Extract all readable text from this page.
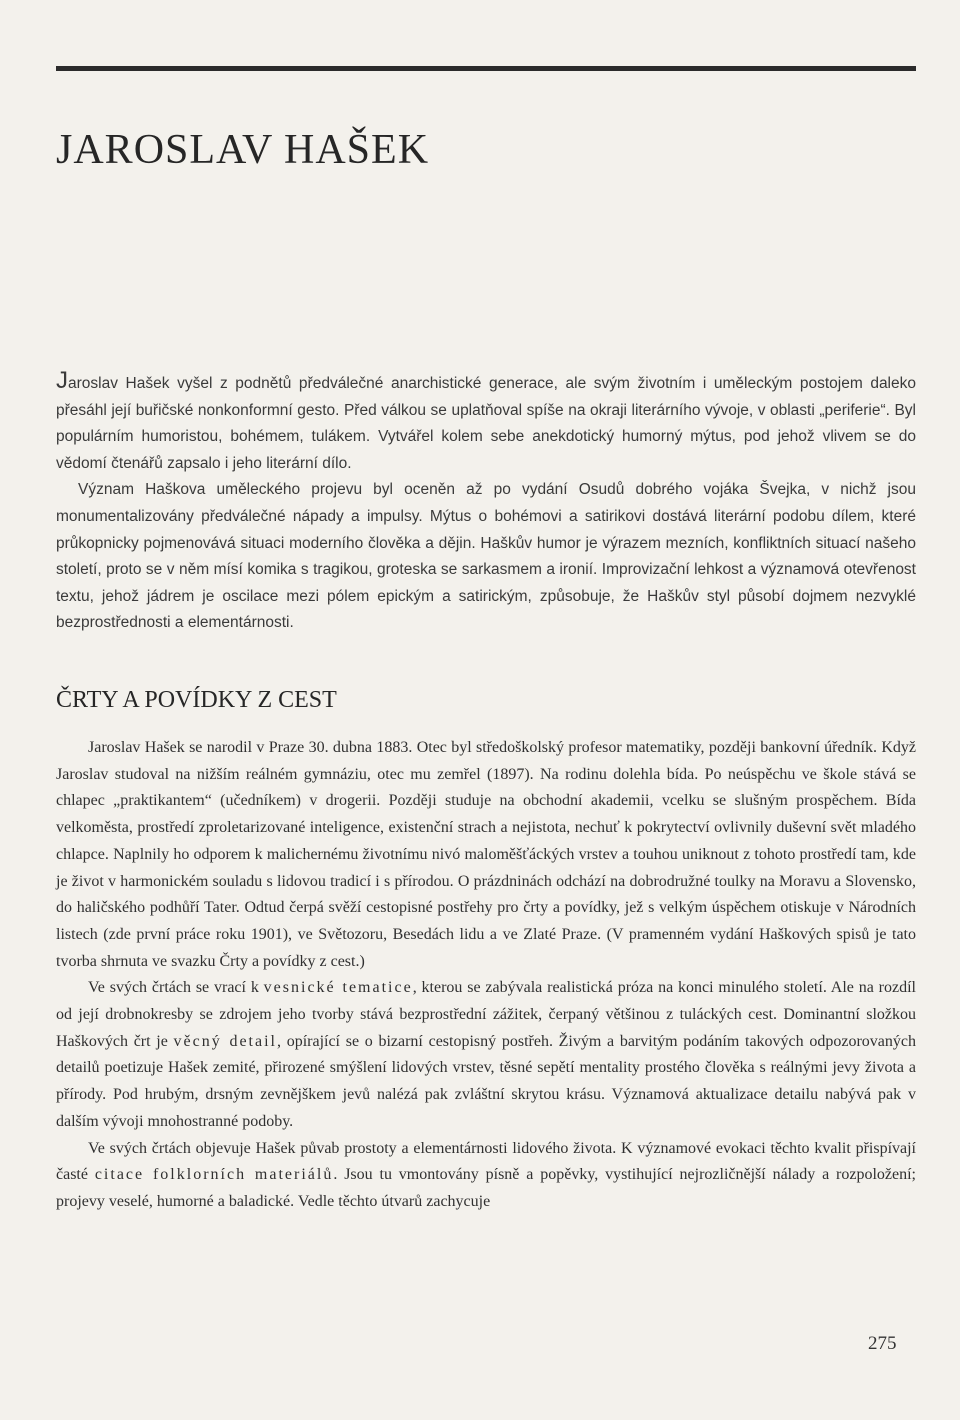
JAROSLAV HAŠEK

Jaroslav Hašek vyšel z podnětů předválečné anarchistické generace, ale svým životním i uměleckým postojem daleko přesáhl její buřičské nonkonformní gesto. Před válkou se uplatňoval spíše na okraji literárního vývoje, v oblasti „periferie“. Byl populárním humoristou, bohémem, tulákem. Vytvářel kolem sebe anekdotický humorný mýtus, pod jehož vlivem se do vědomí čtenářů zapsalo i jeho literární dílo.

Význam Haškova uměleckého projevu byl oceněn až po vydání Osudů dobrého vojáka Švejka, v nichž jsou monumentalizovány předválečné nápady a impulsy. Mýtus o bohémovi a satirikovi dostává literární podobu dílem, které průkopnicky pojmenovává situaci moderního člověka a dějin. Haškův humor je výrazem mezních, konfliktních situací našeho století, proto se v něm mísí komika s tragikou, groteska se sarkasmem a ironií. Improvizační lehkost a významová otevřenost textu, jehož jádrem je oscilace mezi pólem epickým a satirickým, způsobuje, že Haškův styl působí dojmem nezvyklé bezprostřednosti a elementárnosti.

ČRTY A POVÍDKY Z CEST

Jaroslav Hašek se narodil v Praze 30. dubna 1883. Otec byl středoškolský profesor matematiky, později bankovní úředník. Když Jaroslav studoval na nižším reálném gymnáziu, otec mu zemřel (1897). Na rodinu dolehla bída. Po neúspěchu ve škole stává se chlapec „praktikantem“ (učedníkem) v drogerii. Později studuje na obchodní akademii, vcelku se slušným prospěchem. Bída velkoměsta, prostředí zproletarizované inteligence, existenční strach a nejistota, nechuť k pokrytectví ovlivnily duševní svět mladého chlapce. Naplnily ho odporem k malichernému životnímu nivó maloměšťáckých vrstev a touhou uniknout z tohoto prostředí tam, kde je život v harmonickém souladu s lidovou tradicí i s přírodou. O prázdninách odchází na dobrodružné toulky na Moravu a Slovensko, do haličského podhůří Tater. Odtud čerpá svěží cestopisné postřehy pro črty a povídky, jež s velkým úspěchem otiskuje v Národních listech (zde první práce roku 1901), ve Světozoru, Besedách lidu a ve Zlaté Praze. (V pramenném vydání Haškových spisů je tato tvorba shrnuta ve svazku Črty a povídky z cest.)

Ve svých črtách se vrací k vesnické tematice, kterou se zabývala realistická próza na konci minulého století. Ale na rozdíl od její drobnokresby se zdrojem jeho tvorby stává bezprostřední zážitek, čerpaný většinou z tuláckých cest. Dominantní složkou Haškových črt je věcný detail, opírající se o bizarní cestopisný postřeh. Živým a barvitým podáním takových odpozorovaných detailů poetizuje Hašek zemité, přirozené smýšlení lidových vrstev, těsné sepětí mentality prostého člověka s reálnými jevy života a přírody. Pod hrubým, drsným zevnějškem jevů nalézá pak zvláštní skrytou krásu. Významová aktualizace detailu nabývá pak v dalším vývoji mnohostranné podoby.

Ve svých črtách objevuje Hašek půvab prostoty a elementárnosti lidového života. K významové evokaci těchto kvalit přispívají časté citace folklorních materiálů. Jsou tu vmontovány písně a popěvky, vystihující nejrozličnější nálady a rozpoložení; projevy veselé, humorné a baladické. Vedle těchto útvarů zachycuje

275
